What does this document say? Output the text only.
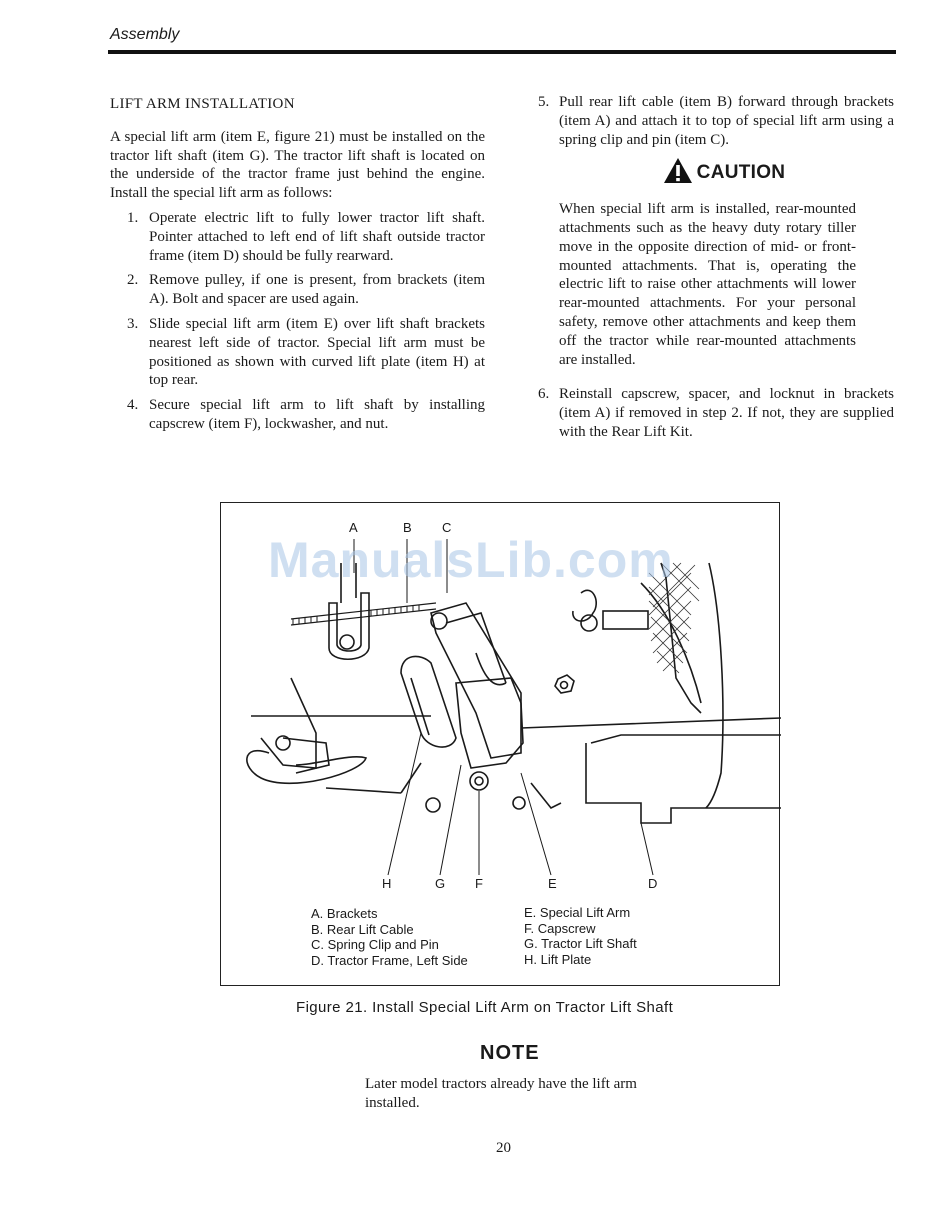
Assembly
LIFT ARM INSTALLATION

A special lift arm (item E, figure 21) must be installed on the tractor lift shaft (item G). The tractor lift shaft is located on the underside of the tractor frame just behind the engine. Install the special lift arm as follows:

1. Operate electric lift to fully lower tractor lift shaft. Pointer attached to left end of lift shaft outside tractor frame (item D) should be fully rearward.
2. Remove pulley, if one is present, from brackets (item A). Bolt and spacer are used again.
3. Slide special lift arm (item E) over lift shaft brackets nearest left side of tractor. Special lift arm must be positioned as shown with curved lift plate (item H) at top rear.
4. Secure special lift arm to lift shaft by installing capscrew (item F), lockwasher, and nut.
5. Pull rear lift cable (item B) forward through brackets (item A) and attach it to top of special lift arm using a spring clip and pin (item C).
CAUTION

When special lift arm is installed, rear-mounted attachments such as the heavy duty rotary tiller move in the opposite direction of mid- or front-mounted attachments. That is, operating the electric lift to raise other attachments will lower rear-mounted attachments. For your personal safety, remove other attachments and keep them off the tractor while rear-mounted attachments are installed.

6. Reinstall capscrew, spacer, and locknut in brackets (item A) if removed in step 2. If not, they are supplied with the Rear Lift Kit.
A	B C
H	G F	E	D
A. Brackets
B. Rear Lift Cable
C. Spring Clip and Pin
D. Tractor Frame, Left Side
E. Special Lift Arm
F. Capscrew
G. Tractor Lift Shaft
H. Lift Plate
ManualsLib.com
Figure 21. Install Special Lift Arm on Tractor Lift Shaft
NOTE
Later model tractors already have the lift arm installed.
20
